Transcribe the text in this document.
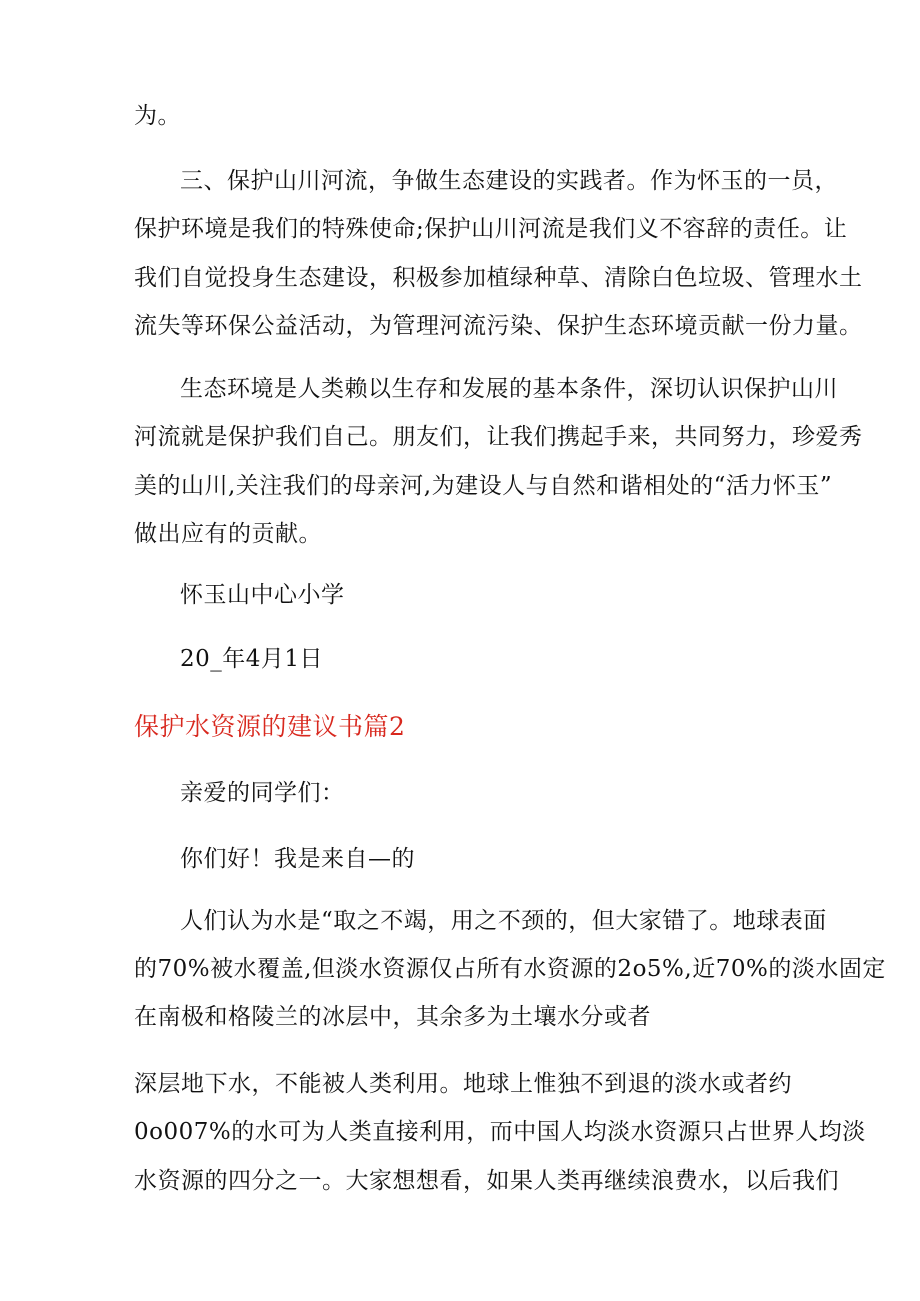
为。
三、保护山川河流，争做生态建设的实践者。作为怀玉的一员，
保护环境是我们的特殊使命;保护山川河流是我们义不容辞的责任。让
我们自觉投身生态建设，积极参加植绿种草、清除白色垃圾、管理水土
流失等环保公益活动，为管理河流污染、保护生态环境贡献一份力量。
生态环境是人类赖以生存和发展的基本条件，深切认识保护山川
河流就是保护我们自己。朋友们，让我们携起手来，共同努力，珍爱秀
美的山川,关注我们的母亲河,为建设人与自然和谐相处的“活力怀玉”
做出应有的贡献。
怀玉山中心小学
20_年4月1日
保护水资源的建议书篇2
亲爱的同学们：
你们好！我是来自—的
人们认为水是“取之不竭，用之不颈的，但大家错了。地球表面
的70%被水覆盖,但淡水资源仅占所有水资源的2o5%,近70%的淡水固定
在南极和格陵兰的冰层中，其余多为土壤水分或者
深层地下水，不能被人类利用。地球上惟独不到退的淡水或者约
0o007%的水可为人类直接利用，而中国人均淡水资源只占世界人均淡
水资源的四分之一。大家想想看，如果人类再继续浪费水，以后我们
